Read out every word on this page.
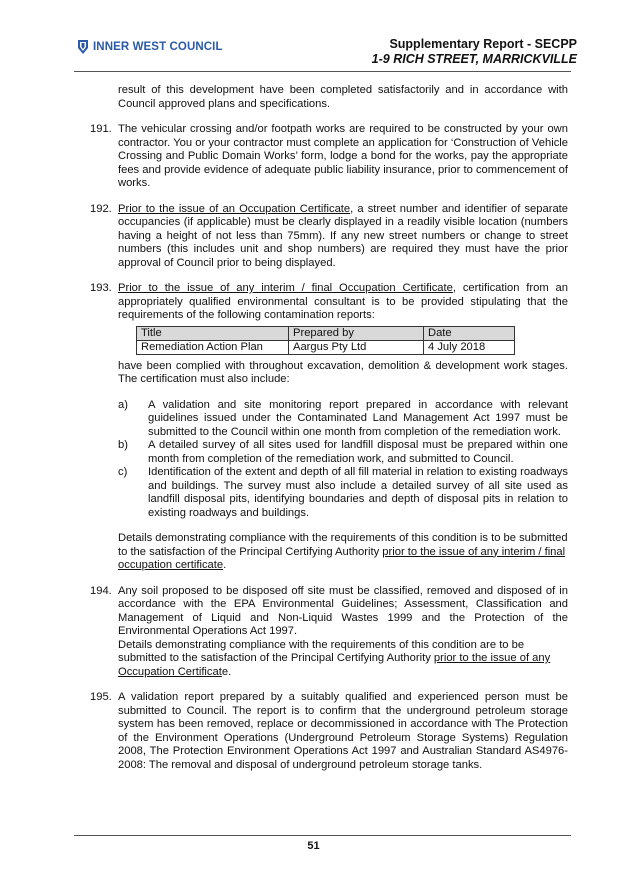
INNER WEST COUNCIL	Supplementary Report - SECPP
1-9 RICH STREET, MARRICKVILLE

result of this development have been completed satisfactorily and in accordance with Council approved plans and specifications.

191. The vehicular crossing and/or footpath works are required to be constructed by your own contractor. You or your contractor must complete an application for ‘Construction of Vehicle Crossing and Public Domain Works’ form, lodge a bond for the works, pay the appropriate fees and provide evidence of adequate public liability insurance, prior to commencement of works.

192. Prior to the issue of an Occupation Certificate, a street number and identifier of separate occupancies (if applicable) must be clearly displayed in a readily visible location (numbers having a height of not less than 75mm). If any new street numbers or change to street numbers (this includes unit and shop numbers) are required they must have the prior approval of Council prior to being displayed.

193. Prior to the issue of any interim / final Occupation Certificate, certification from an appropriately qualified environmental consultant is to be provided stipulating that the requirements of the following contamination reports:

Title	Prepared by	Date
Remediation Action Plan	Aargus Pty Ltd	4 July 2018

have been complied with throughout excavation, demolition & development work stages. The certification must also include:

a) A validation and site monitoring report prepared in accordance with relevant guidelines issued under the Contaminated Land Management Act 1997 must be submitted to the Council within one month from completion of the remediation work.

b) A detailed survey of all sites used for landfill disposal must be prepared within one month from completion of the remediation work, and submitted to Council.

c) Identification of the extent and depth of all fill material in relation to existing roadways and buildings. The survey must also include a detailed survey of all site used as landfill disposal pits, identifying boundaries and depth of disposal pits in relation to existing roadways and buildings.

Details demonstrating compliance with the requirements of this condition is to be submitted to the satisfaction of the Principal Certifying Authority prior to the issue of any interim / final occupation certificate.

194. Any soil proposed to be disposed off site must be classified, removed and disposed of in accordance with the EPA Environmental Guidelines; Assessment, Classification and Management of Liquid and Non-Liquid Wastes 1999 and the Protection of the Environmental Operations Act 1997.

Details demonstrating compliance with the requirements of this condition are to be submitted to the satisfaction of the Principal Certifying Authority prior to the issue of any Occupation Certificate.

195. A validation report prepared by a suitably qualified and experienced person must be submitted to Council. The report is to confirm that the underground petroleum storage system has been removed, replace or decommissioned in accordance with The Protection of the Environment Operations (Underground Petroleum Storage Systems) Regulation 2008, The Protection Environment Operations Act 1997 and Australian Standard AS4976-2008: The removal and disposal of underground petroleum storage tanks.

51
